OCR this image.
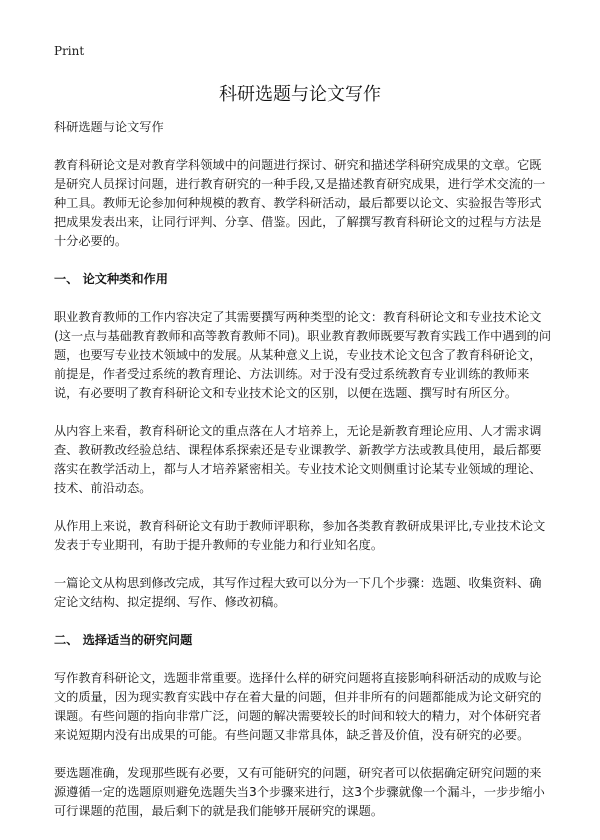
Print
科研选题与论文写作

科研选题与论文写作

教育科研论文是对教育学科领域中的问题进行探讨、研究和描述学科研究成果的文章。它既是研究人员探讨问题，进行教育研究的一种手段,又是描述教育研究成果，进行学术交流的一种工具。教师无论参加何种规模的教育、教学科研活动，最后都要以论文、实验报告等形式把成果发表出来，让同行评判、分享、借鉴。因此，了解撰写教育科研论文的过程与方法是十分必要的。

一、 论文种类和作用

职业教育教师的工作内容决定了其需要撰写两种类型的论文：教育科研论文和专业技术论文(这一点与基础教育教师和高等教育教师不同)。职业教育教师既要写教育实践工作中遇到的问题，也要写专业技术领域中的发展。从某种意义上说，专业技术论文包含了教育科研论文，前提是，作者受过系统的教育理论、方法训练。对于没有受过系统教育专业训练的教师来说，有必要明了教育科研论文和专业技术论文的区别，以便在选题、撰写时有所区分。

从内容上来看，教育科研论文的重点落在人才培养上，无论是新教育理论应用、人才需求调查、教研教改经验总结、课程体系探索还是专业课教学、新教学方法或教具使用，最后都要落实在教学活动上，都与人才培养紧密相关。专业技术论文则侧重讨论某专业领域的理论、技术、前沿动态。

从作用上来说，教育科研论文有助于教师评职称，参加各类教育教研成果评比,专业技术论文发表于专业期刊，有助于提升教师的专业能力和行业知名度。

一篇论文从构思到修改完成，其写作过程大致可以分为一下几个步骤：选题、收集资料、确定论文结构、拟定提纲、写作、修改初稿。

二、 选择适当的研究问题

写作教育科研论文，选题非常重要。选择什么样的研究问题将直接影响科研活动的成败与论文的质量，因为现实教育实践中存在着大量的问题，但并非所有的问题都能成为论文研究的课题。有些问题的指向非常广泛，问题的解决需要较长的时间和较大的精力，对个体研究者来说短期内没有出成果的可能。有些问题又非常具体，缺乏普及价值，没有研究的必要。

要选题准确，发现那些既有必要，又有可能研究的问题，研究者可以依据确定研究问题的来源遵循一定的选题原则避免选题失当3个步骤来进行，这3个步骤就像一个漏斗，一步步缩小可行课题的范围，最后剩下的就是我们能够开展研究的课题。
